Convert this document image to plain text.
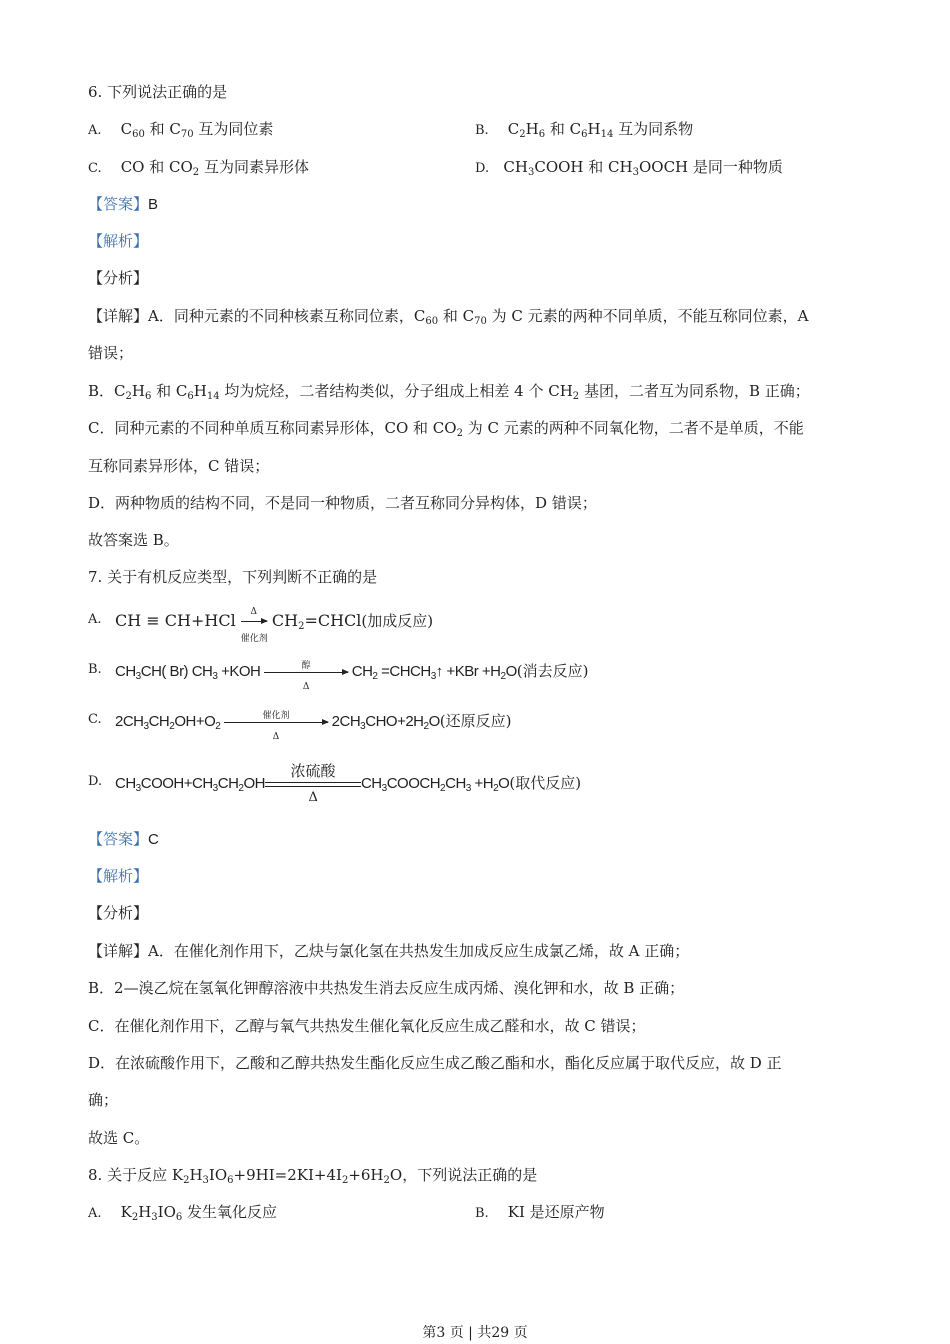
6. 下列说法正确的是
A.    $C_{60}$ 和 $C_{70}$ 互为同位素	B.    $C_2H_6$ 和 $C_6H_{14}$ 互为同系物
C.    CO 和 $CO_2$ 互为同素异形体	D.   $CH_3COOH$ 和 $CH_3OOCH$ 是同一种物质
【答案】B
【解析】
【分析】
【详解】A．同种元素的不同种核素互称同位素，$C_{60}$ 和 $C_{70}$ 为 C 元素的两种不同单质，不能互称同位素，A
错误；
B．$C_2H_6$ 和 $C_6H_{14}$ 均为烷烃，二者结构类似，分子组成上相差 4 个 $CH_2$ 基团，二者互为同系物，B 正确；
C．同种元素的不同种单质互称同素异形体，CO 和 $CO_2$ 为 C 元素的两种不同氧化物，二者不是单质，不能
互称同素异形体，C 错误；
D．两种物质的结构不同，不是同一种物质，二者互称同分异构体，D 错误；
故答案选 B。
7. 关于有机反应类型，下列判断不正确的是
A. CH ≡ CH+HCl	Δ
催化剂
$CH_2=CHCl$(加成反应)
B. $CH_3CH$( Br) $CH_3 +KOH$	醇
Δ
$CH_2$ $=CHCH_3↑ +KBr +H_2O$(消去反应)
C. $2CH_3CH_2OH+O_2$
催化剂
Δ
$2CH_3CHO+2H_2O$(还原反应)
D. $CH_3COOH+CH_3CH_2OH$
浓硫酸
Δ
$CH_3COOCH_2CH_3 +H_2O$(取代反应)
【答案】C
【解析】
【分析】
【详解】A．在催化剂作用下，乙炔与氯化氢在共热发生加成反应生成氯乙烯，故 A 正确；
B．2—溴乙烷在氢氧化钾醇溶液中共热发生消去反应生成丙烯、溴化钾和水，故 B 正确；
C．在催化剂作用下，乙醇与氧气共热发生催化氧化反应生成乙醛和水，故 C 错误；
D．在浓硫酸作用下，乙酸和乙醇共热发生酯化反应生成乙酸乙酯和水，酯化反应属于取代反应，故 D 正
确；
故选 C。
8. 关于反应 $K_2H_3IO_6+9HI=2KI+4I_2+6H_2O$，下列说法正确的是
A.    $K_2H_3IO_6$ 发生氧化反应	B. KI 是还原产物
第3 页 | 共29 页
